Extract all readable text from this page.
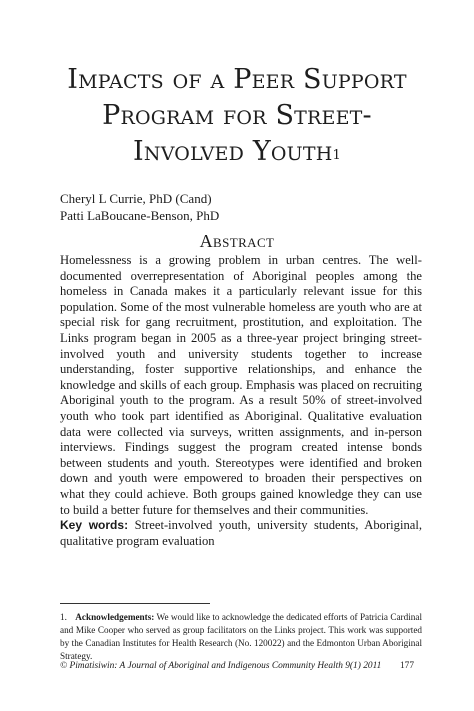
Impacts of a Peer Support
Program for Street-
Involved Youth$^1$
Cheryl L Currie, PhD (Cand)
Patti LaBoucane-Benson, PhD
Abstract

Homelessness is a growing problem in urban centres. The well-documented overrepresentation of Aboriginal peoples among the homeless in Canada makes it a particularly relevant issue for this population. Some of the most vulnerable homeless are youth who are at special risk for gang recruitment, prostitution, and exploitation. The Links program began in 2005 as a three-year project bringing street-involved youth and university students together to increase understanding, foster supportive relationships, and enhance the knowledge and skills of each group. Emphasis was placed on recruiting Aboriginal youth to the program. As a result 50% of street-involved youth who took part identified as Aboriginal. Qualitative evaluation data were collected via surveys, written assignments, and in-person interviews. Findings suggest the program created intense bonds between students and youth. Stereotypes were identified and broken down and youth were empowered to broaden their perspectives on what they could achieve. Both groups gained knowledge they can use to build a better future for themselves and their communities.

Key words: Street-involved youth, university students, Aboriginal, qualitative program evaluation

1. Acknowledgements: We would like to acknowledge the dedicated efforts of Patricia Cardinal and Mike Cooper who served as group facilitators on the Links project. This work was supported by the Canadian Institutes for Health Research (No. 120022) and the Edmonton Urban Aboriginal Strategy.
© Pimatisiwin: A Journal of Aboriginal and Indigenous Community Health 9(1) 2011 177
